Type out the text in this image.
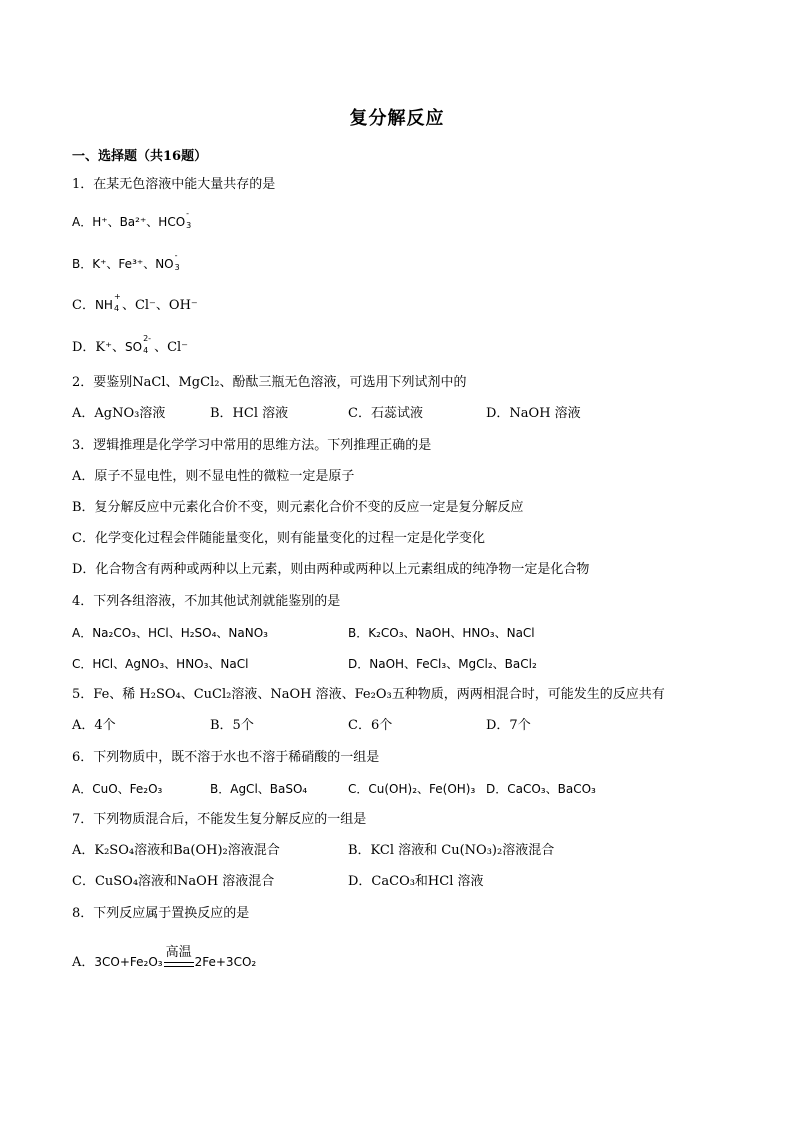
复分解反应
一、选择题（共16题）
1．在某无色溶液中能大量共存的是
A．H⁺、Ba²⁺、HCO
-
3
B．K⁺、Fe³⁺、NO
-
3
C．NH
+
4 、Cl⁻、OH⁻
D．K⁺、SO
2-
4 、Cl⁻
2．要鉴别NaCl、MgCl₂、酚酞三瓶无色溶液，可选用下列试剂中的
A．AgNO₃溶液	B．HCl 溶液	C．石蕊试液	D．NaOH 溶液
3．逻辑推理是化学学习中常用的思维方法。下列推理正确的是
A．原子不显电性，则不显电性的微粒一定是原子
B．复分解反应中元素化合价不变，则元素化合价不变的反应一定是复分解反应
C．化学变化过程会伴随能量变化，则有能量变化的过程一定是化学变化
D．化合物含有两种或两种以上元素，则由两种或两种以上元素组成的纯净物一定是化合物
4．下列各组溶液，不加其他试剂就能鉴别的是
A．Na₂CO₃、HCl、H₂SO₄、NaNO₃	B．K₂CO₃、NaOH、HNO₃、NaCl
C．HCl、AgNO₃、HNO₃、NaCl	D．NaOH、FeCl₃、MgCl₂、BaCl₂
5．Fe、稀 H₂SO₄、CuCl₂溶液、NaOH 溶液、Fe₂O₃五种物质，两两相混合时，可能发生的反应共有
A．4个	B．5个	C．6个	D．7个
6．下列物质中，既不溶于水也不溶于稀硝酸的一组是
A．CuO、Fe₂O₃	B．AgCl、BaSO₄	C．Cu(OH)₂、Fe(OH)₃ D．CaCO₃、BaCO₃
7．下列物质混合后，不能发生复分解反应的一组是
A．K₂SO₄溶液和Ba(OH)₂溶液混合	B．KCl 溶液和 Cu(NO₃)₂溶液混合
C．CuSO₄溶液和NaOH 溶液混合	D．CaCO₃和HCl 溶液
8．下列反应属于置换反应的是
A．3CO+Fe₂O₃
高温
2Fe+3CO₂
